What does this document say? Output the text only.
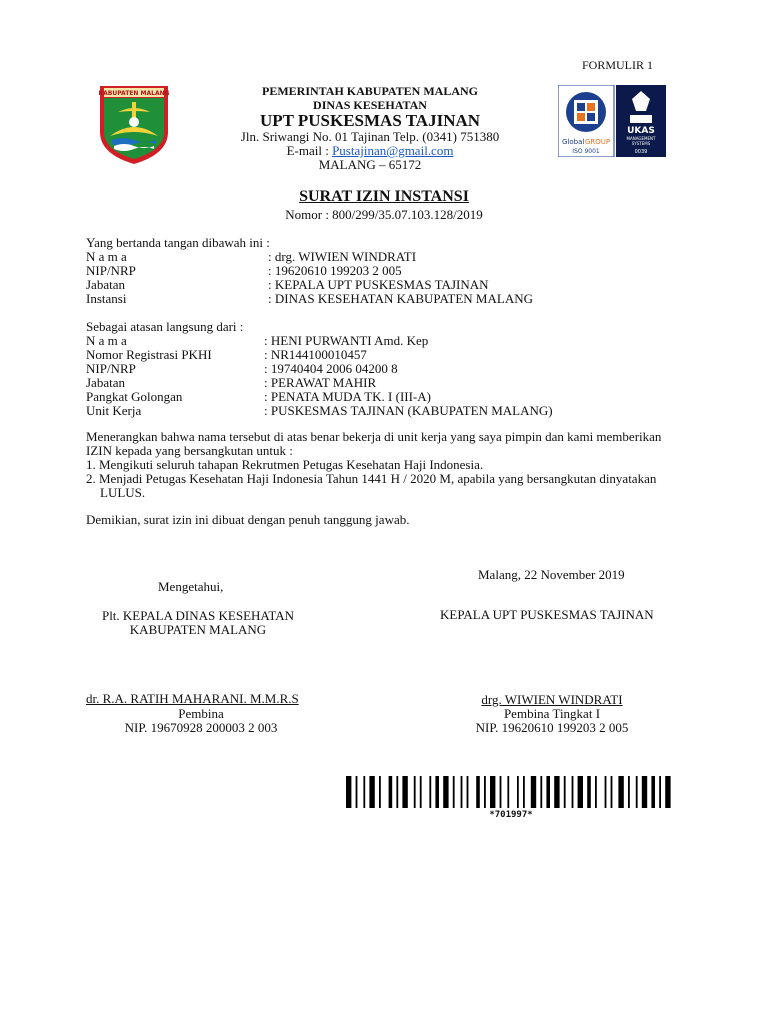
FORMULIR 1
KABUPATEN MALANG	PEMERINTAH KABUPATEN MALANG
DINAS KESEHATAN
UPT PUSKESMAS TAJINAN
Jln. Sriwangi No. 01 Tajinan Telp. (0341) 751380
E-mail : Pustajinan@gmail.com
MALANG – 65172
Global GROUP
ISO 9001
UKAS
MANAGEMENT
SYSTEMS
0039
SURAT IZIN INSTANSI
Nomor : 800/299/35.07.103.128/2019
Yang bertanda tangan dibawah ini :
N a m a	: drg. WIWIEN WINDRATI
NIP/NRP	: 19620610 199203 2 005
Jabatan	: KEPALA UPT PUSKESMAS TAJINAN
Instansi	: DINAS KESEHATAN KABUPATEN MALANG
Sebagai atasan langsung dari :
N a m a	: HENI PURWANTI Amd. Kep
Nomor Registrasi PKHI	: NR144100010457
NIP/NRP	: 19740404 2006 04200 8
Jabatan	: PERAWAT MAHIR
Pangkat Golongan	: PENATA MUDA TK. I (III-A)
Unit Kerja	: PUSKESMAS TAJINAN (KABUPATEN MALANG)
Menerangkan bahwa nama tersebut di atas benar bekerja di unit kerja yang saya pimpin dan kami memberikan
IZIN kepada yang bersangkutan untuk :
1. Mengikuti seluruh tahapan Rekrutmen Petugas Kesehatan Haji Indonesia.
2. Menjadi Petugas Kesehatan Haji Indonesia Tahun 1441 H / 2020 M, apabila yang bersangkutan dinyatakan
LULUS.
Demikian, surat izin ini dibuat dengan penuh tanggung jawab.
Malang, 22 November 2019
Mengetahui,
Plt. KEPALA DINAS KESEHATAN
KABUPATEN MALANG
KEPALA UPT PUSKESMAS TAJINAN
dr. R.A. RATIH MAHARANI. M.M.R.S
Pembina
NIP. 19670928 200003 2 003
drg. WIWIEN WINDRATI
Pembina Tingkat I
NIP. 19620610 199203 2 005
*701997*
